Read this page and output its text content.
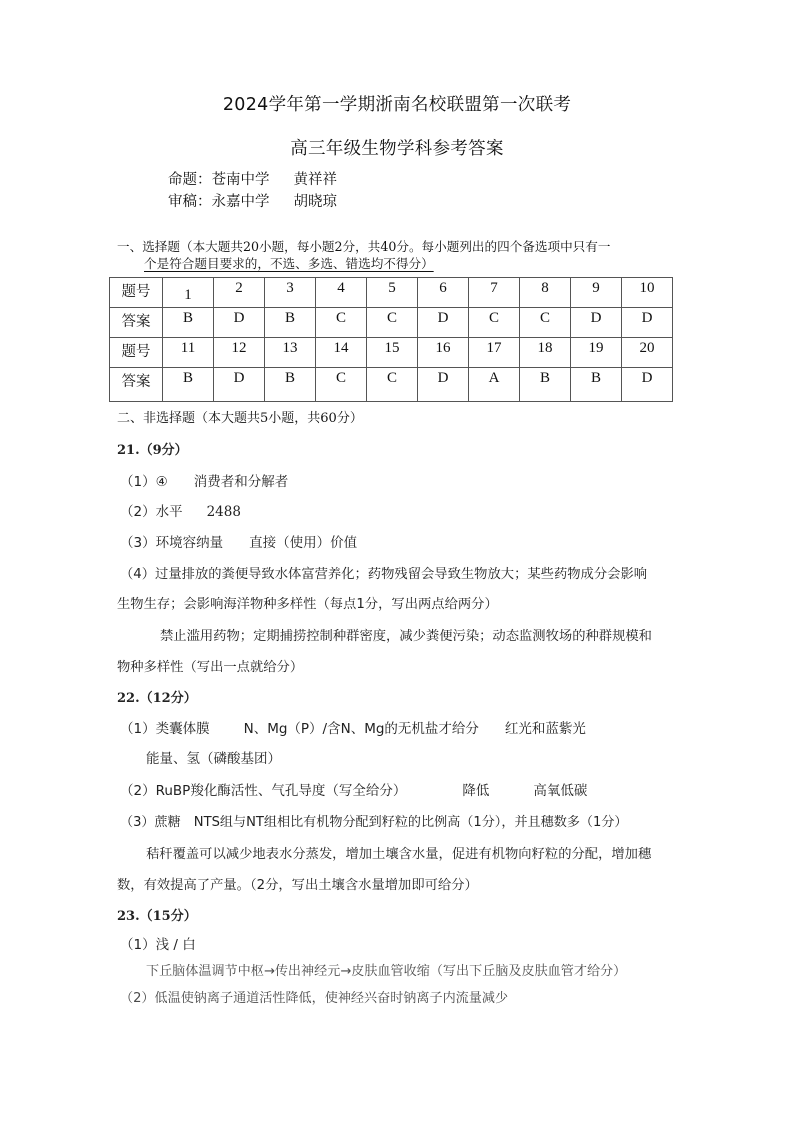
2024学年第一学期浙南名校联盟第一次联考
高三年级生物学科参考答案
命题：苍南中学 黄祥祥
审稿：永嘉中学 胡晓琼
一、选择题（本大题共20小题，每小题2分，共40分。每小题列出的四个备选项中只有一
个是符合题目要求的，不选、多选、错选均不得分）
题号	1	2	3	4	5	6	7	8	9	10
答案	B	D	B	C	C	D	C	C	D	D
题号	11	12	13	14	15	16	17	18	19	20
答案	B	D	B	C	C	D	A	B	B	D
二、非选择题（本大题共5小题，共60分）
21.（9分）
（1）④ 消费者和分解者
（2）水平 2488
（3）环境容纳量 直接（使用）价值
（4）过量排放的粪便导致水体富营养化；药物残留会导致生物放大；某些药物成分会影响
生物生存；会影响海洋物种多样性（每点1分，写出两点给两分）
禁止滥用药物；定期捕捞控制种群密度，减少粪便污染；动态监测牧场的种群规模和
物种多样性（写出一点就给分）
22.（12分）
（1）类囊体膜	N、Mg（P）/含N、Mg的无机盐才给分 红光和蓝紫光
能量、氢（磷酸基团）
（2）RuBP羧化酶活性、气孔导度（写全给分）	降低	高氧低碳
（3）蔗糖　NTS组与NT组相比有机物分配到籽粒的比例高（1分），并且穗数多（1分）
秸秆覆盖可以减少地表水分蒸发，增加土壤含水量，促进有机物向籽粒的分配，增加穗
数，有效提高了产量。（2分，写出土壤含水量增加即可给分）
23.（15分）
（1）浅 / 白
下丘脑体温调节中枢→传出神经元→皮肤血管收缩（写出下丘脑及皮肤血管才给分）
（2）低温使钠离子通道活性降低，使神经兴奋时钠离子内流量减少
